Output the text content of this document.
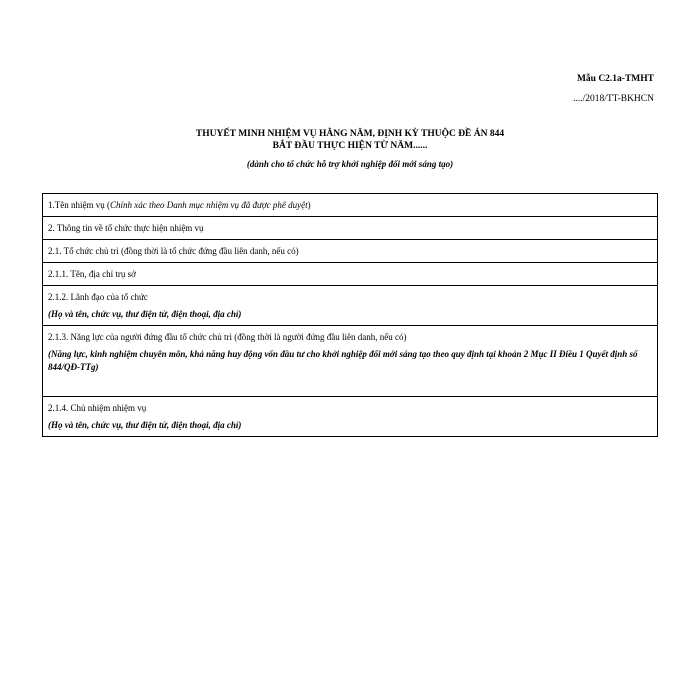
Mẫu C2.1a-TMHT
..../2018/TT-BKHCN
THUYẾT MINH NHIỆM VỤ HẰNG NĂM, ĐỊNH KỲ THUỘC ĐỀ ÁN 844
BẮT ĐẦU THỰC HIỆN TỪ NĂM......
(dành cho tổ chức hỗ trợ khởi nghiệp đổi mới sáng tạo)
1.Tên nhiệm vụ (Chính xác theo Danh mục nhiệm vụ đã được phê duyệt)
2. Thông tin về tổ chức thực hiện nhiệm vụ
2.1. Tổ chức chủ trì (đồng thời là tổ chức đứng đầu liên danh, nếu có)
2.1.1. Tên, địa chỉ trụ sở
2.1.2. Lãnh đạo của tổ chức
(Họ và tên, chức vụ, thư điện tử, điện thoại, địa chỉ)
2.1.3. Năng lực của người đứng đầu tổ chức chủ trì (đồng thời là người đứng đầu liên danh, nếu có)
(Năng lực, kinh nghiệm chuyên môn, khả năng huy động vốn đầu tư cho khởi nghiệp đổi mới sáng tạo theo quy định tại khoản 2 Mục II Điều 1 Quyết định số 844/QĐ-TTg)
2.1.4. Chủ nhiệm nhiệm vụ
(Họ và tên, chức vụ, thư điện tử, điện thoại, địa chỉ)
